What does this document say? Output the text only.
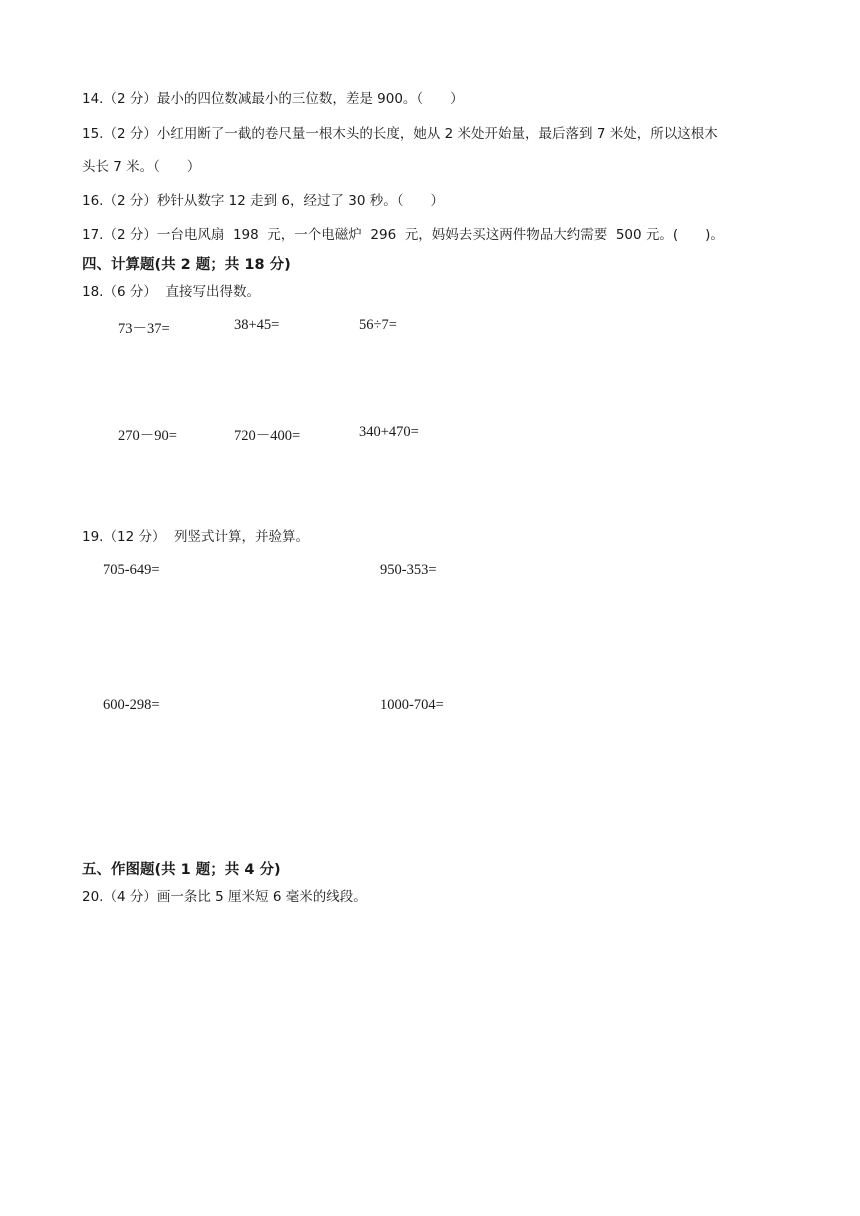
14.（2 分）最小的四位数减最小的三位数，差是 900。（　　）
15.（2 分）小红用断了一截的卷尺量一根木头的长度，她从 2 米处开始量，最后落到 7 米处，所以这根木
头长 7 米。（　　）
16.（2 分）秒针从数字 12 走到 6，经过了 30 秒。（　　）
17.（2 分）一台电风扇  198  元，一个电磁炉  296  元，妈妈去买这两件物品大约需要  500 元。(　　)。
四、计算题(共 2 题；共 18 分)
18.（6 分）  直接写出得数。
73－37=	38+45=	56÷7=
270－90=	720－400=	340+470=
19.（12 分）  列竖式计算，并验算。
705-649=	950-353=
600-298=	1000-704=
五、作图题(共 1 题；共 4 分)
20.（4 分）画一条比 5 厘米短 6 毫米的线段。
